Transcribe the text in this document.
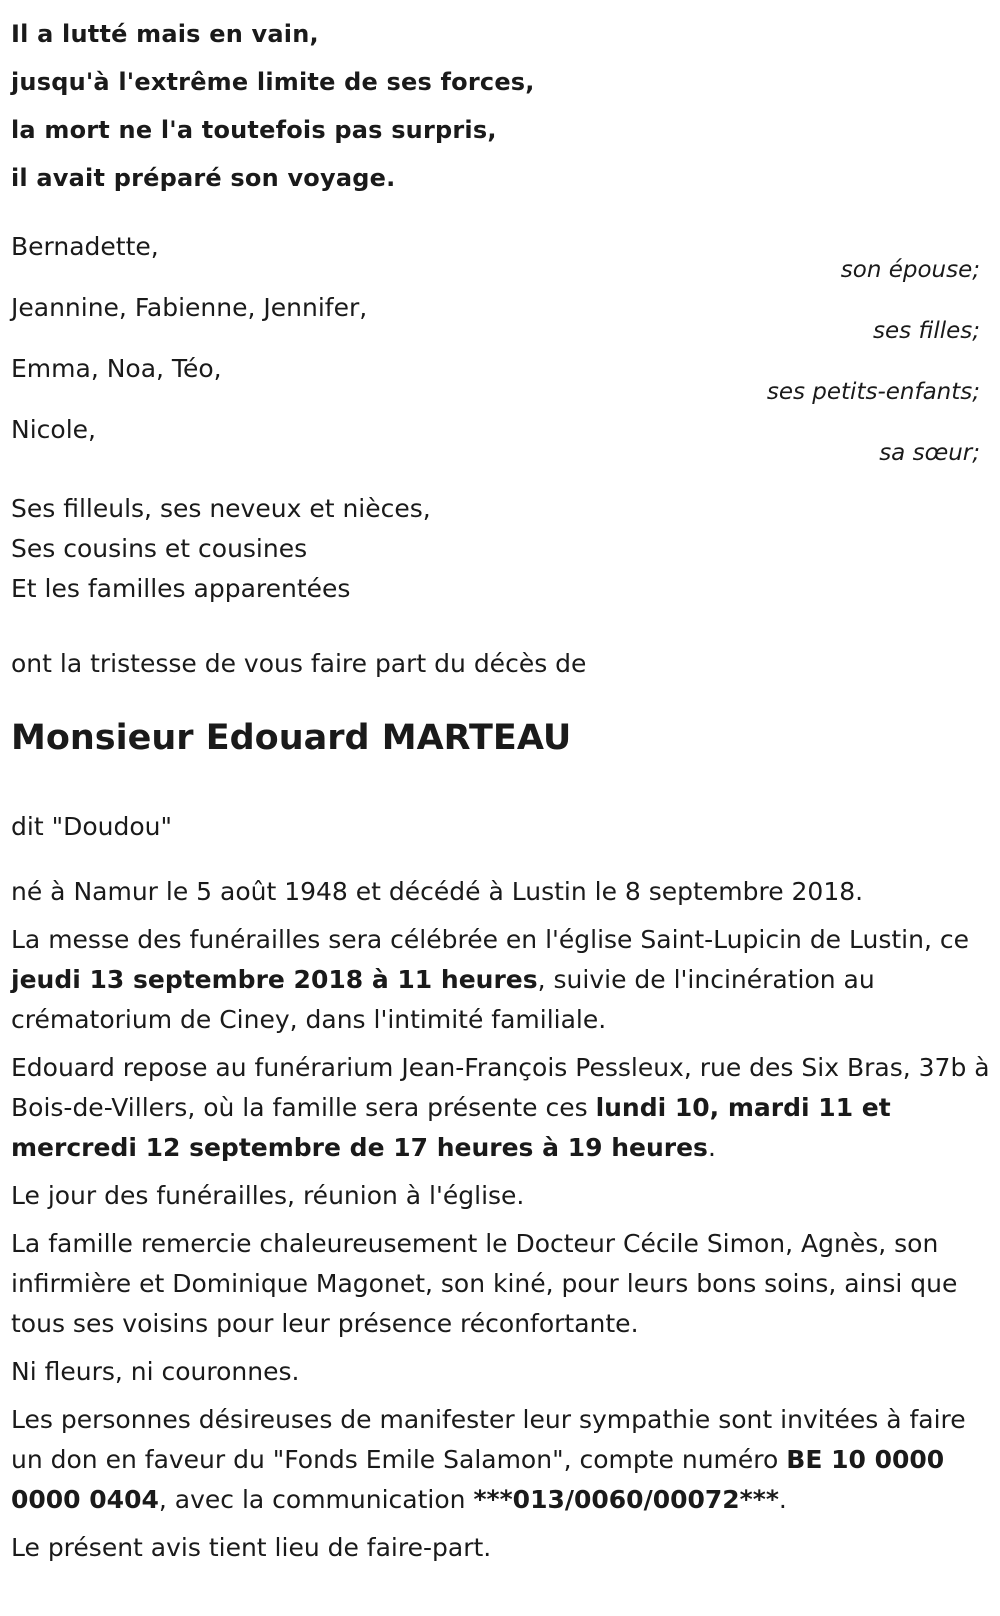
Il a lutté mais en vain,
jusqu'à l'extrême limite de ses forces,
la mort ne l'a toutefois pas surpris,
il avait préparé son voyage.
Bernadette,
son épouse;
Jeannine, Fabienne, Jennifer,
ses filles;
Emma, Noa, Téo,
ses petits-enfants;
Nicole,
sa sœur;
Ses filleuls, ses neveux et nièces,
Ses cousins et cousines
Et les familles apparentées
ont la tristesse de vous faire part du décès de
Monsieur Edouard MARTEAU
dit "Doudou"

né à Namur le 5 août 1948 et décédé à Lustin le 8 septembre 2018.

La messe des funérailles sera célébrée en l'église Saint-Lupicin de Lustin, ce jeudi 13 septembre 2018 à 11 heures, suivie de l'incinération au crématorium de Ciney, dans l'intimité familiale.

Edouard repose au funérarium Jean-François Pessleux, rue des Six Bras, 37b à Bois-de-Villers, où la famille sera présente ces lundi 10, mardi 11 et mercredi 12 septembre de 17 heures à 19 heures.

Le jour des funérailles, réunion à l'église.

La famille remercie chaleureusement le Docteur Cécile Simon, Agnès, son infirmière et Dominique Magonet, son kiné, pour leurs bons soins, ainsi que tous ses voisins pour leur présence réconfortante.

Ni fleurs, ni couronnes.

Les personnes désireuses de manifester leur sympathie sont invitées à faire un don en faveur du "Fonds Emile Salamon", compte numéro BE 10 0000 0000 0404, avec la communication ***013/0060/00072***.

Le présent avis tient lieu de faire-part.
